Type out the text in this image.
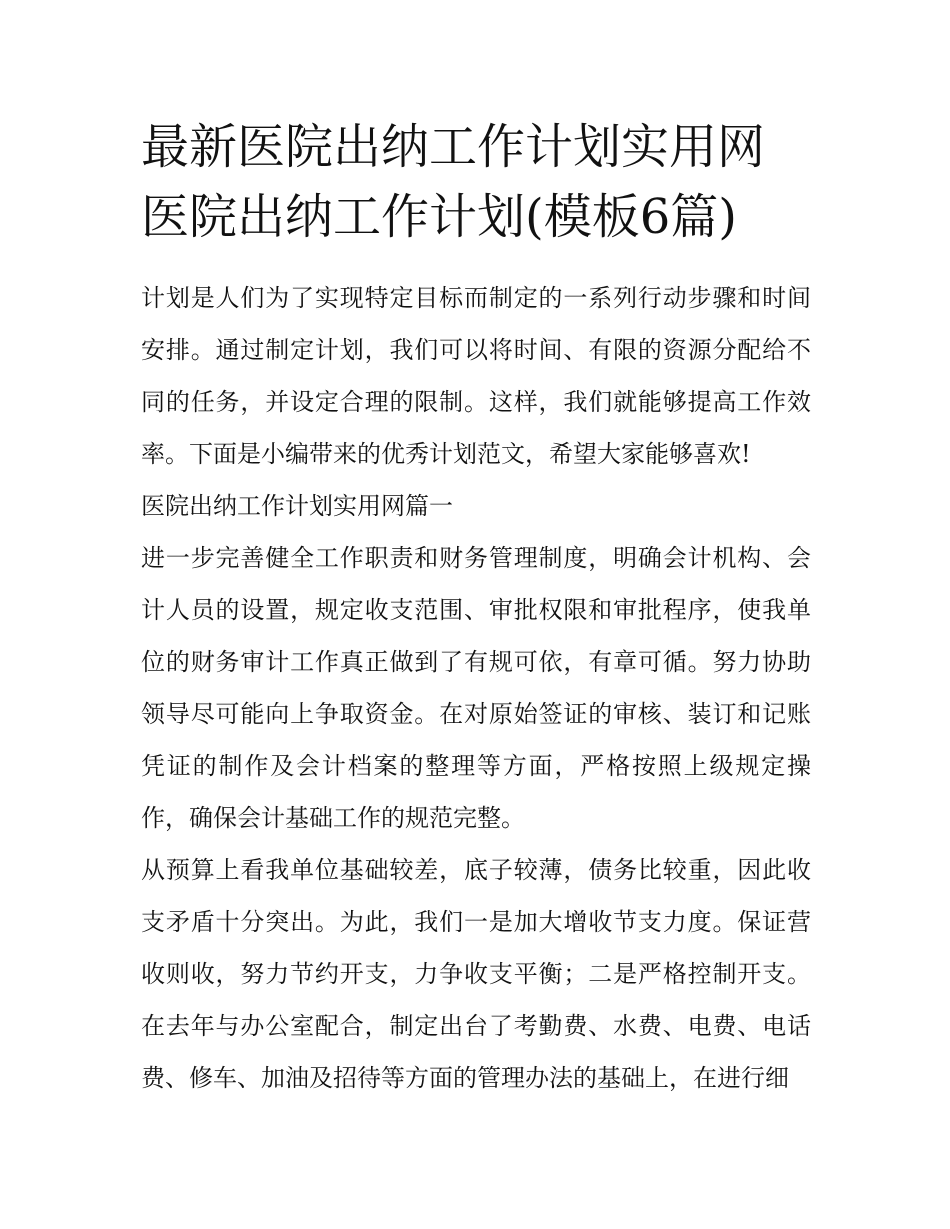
最新医院出纳工作计划实用网医院出纳工作计划(模板6篇)

计划是人们为了实现特定目标而制定的一系列行动步骤和时间安排。通过制定计划，我们可以将时间、有限的资源分配给不同的任务，并设定合理的限制。这样，我们就能够提高工作效率。下面是小编带来的优秀计划范文，希望大家能够喜欢!

医院出纳工作计划实用网篇一

进一步完善健全工作职责和财务管理制度，明确会计机构、会计人员的设置，规定收支范围、审批权限和审批程序，使我单位的财务审计工作真正做到了有规可依，有章可循。努力协助领导尽可能向上争取资金。在对原始签证的审核、装订和记账凭证的制作及会计档案的整理等方面，严格按照上级规定操作，确保会计基础工作的规范完整。

从预算上看我单位基础较差，底子较薄，债务比较重，因此收支矛盾十分突出。为此，我们一是加大增收节支力度。保证营收则收，努力节约开支，力争收支平衡；二是严格控制开支。在去年与办公室配合，制定出台了考勤费、水费、电费、电话费、修车、加油及招待等方面的管理办法的基础上，在进行细
